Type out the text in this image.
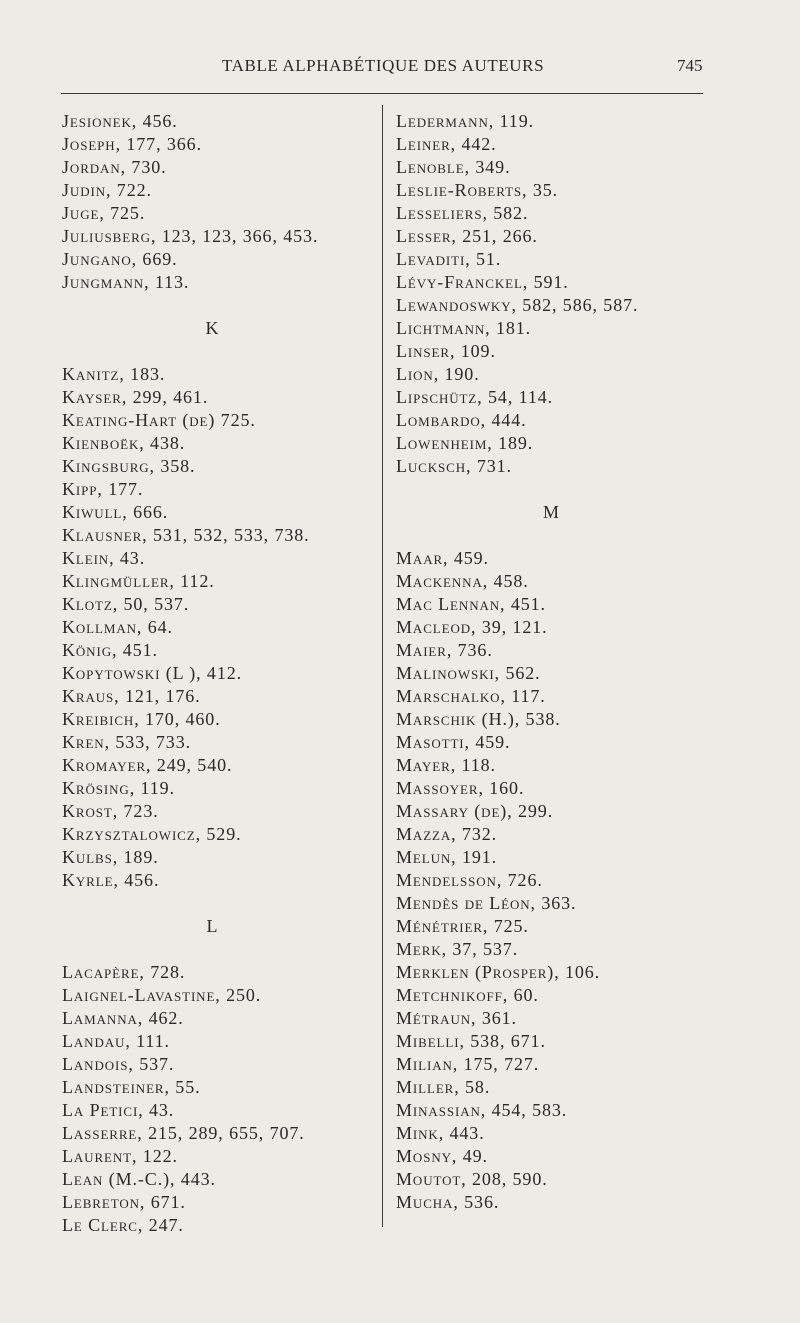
TABLE ALPHABÉTIQUE DES AUTEURS	745
Jesionek, 456.
Joseph, 177, 366.
Jordan, 730.
Judin, 722.
Juge, 725.
Juliusberg, 123, 123, 366, 453.
Jungano, 669.
Jungmann, 113.
K
Kanitz, 183.
Kayser, 299, 461.
Keating-Hart (de) 725.
Kienboëk, 438.
Kingsburg, 358.
Kipp, 177.
Kiwull, 666.
Klausner, 531, 532, 533, 738.
Klein, 43.
Klingmüller, 112.
Klotz, 50, 537.
Kollman, 64.
König, 451.
Kopytowski (L ), 412.
Kraus, 121, 176.
Kreibich, 170, 460.
Kren, 533, 733.
Kromayer, 249, 540.
Krösing, 119.
Krost, 723.
Krzysztalowicz, 529.
Kulbs, 189.
Kyrle, 456.
L
Lacapère, 728.
Laignel-Lavastine, 250.
Lamanna, 462.
Landau, 111.
Landois, 537.
Landsteiner, 55.
La Petici, 43.
Lasserre, 215, 289, 655, 707.
Laurent, 122.
Lean (M.-C.), 443.
Lebreton, 671.
Le Clerc, 247.
Ledermann, 119.
Leiner, 442.
Lenoble, 349.
Leslie-Roberts, 35.
Lesseliers, 582.
Lesser, 251, 266.
Levaditi, 51.
Lévy-Franckel, 591.
Lewandoswky, 582, 586, 587.
Lichtmann, 181.
Linser, 109.
Lion, 190.
Lipschütz, 54, 114.
Lombardo, 444.
Lowenheim, 189.
Lucksch, 731.
M
Maar, 459.
Mackenna, 458.
Mac Lennan, 451.
Macleod, 39, 121.
Maier, 736.
Malinowski, 562.
Marschalko, 117.
Marschik (H.), 538.
Masotti, 459.
Mayer, 118.
Massoyer, 160.
Massary (de), 299.
Mazza, 732.
Melun, 191.
Mendelsson, 726.
Mendès de Léon, 363.
Ménétrier, 725.
Merk, 37, 537.
Merklen (Prosper), 106.
Metchnikoff, 60.
Métraun, 361.
Mibelli, 538, 671.
Milian, 175, 727.
Miller, 58.
Minassian, 454, 583.
Mink, 443.
Mosny, 49.
Moutot, 208, 590.
Mucha, 536.
